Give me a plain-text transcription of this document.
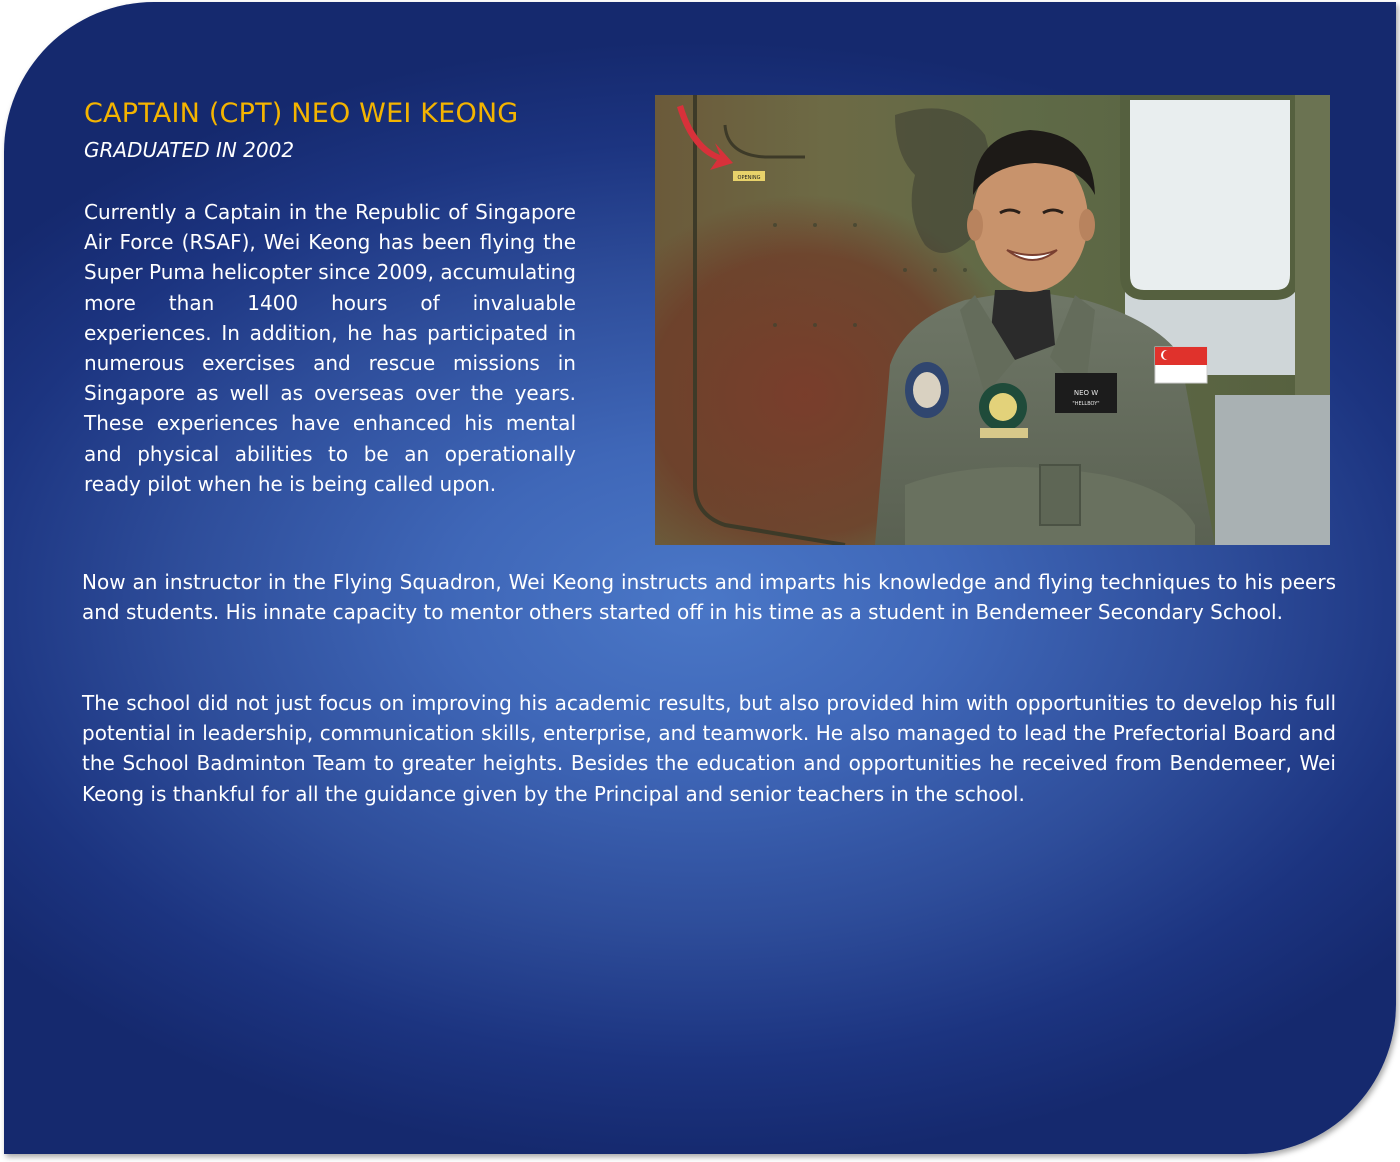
CAPTAIN (CPT) NEO WEI KEONG

GRADUATED IN 2002

Currently a Captain in the Republic of Singapore Air Force (RSAF), Wei Keong has been flying the Super Puma helicopter since 2009, accumulating more than 1400 hours of invaluable experiences. In addition, he has participated in numerous exercises and rescue missions in Singapore as well as overseas over the years. These experiences have enhanced his mental and physical abilities to be an operationally ready pilot when he is being called upon.

OPENING
NEO W
"HELLBOY"

Now an instructor in the Flying Squadron, Wei Keong instructs and imparts his knowledge and flying techniques to his peers and students. His innate capacity to mentor others started off in his time as a student in Bendemeer Secondary School.

The school did not just focus on improving his academic results, but also provided him with opportunities to develop his full potential in leadership, communication skills, enterprise, and teamwork. He also managed to lead the Prefectorial Board and the School Badminton Team to greater heights. Besides the education and opportunities he received from Bendemeer, Wei Keong is thankful for all the guidance given by the Principal and senior teachers in the school.
